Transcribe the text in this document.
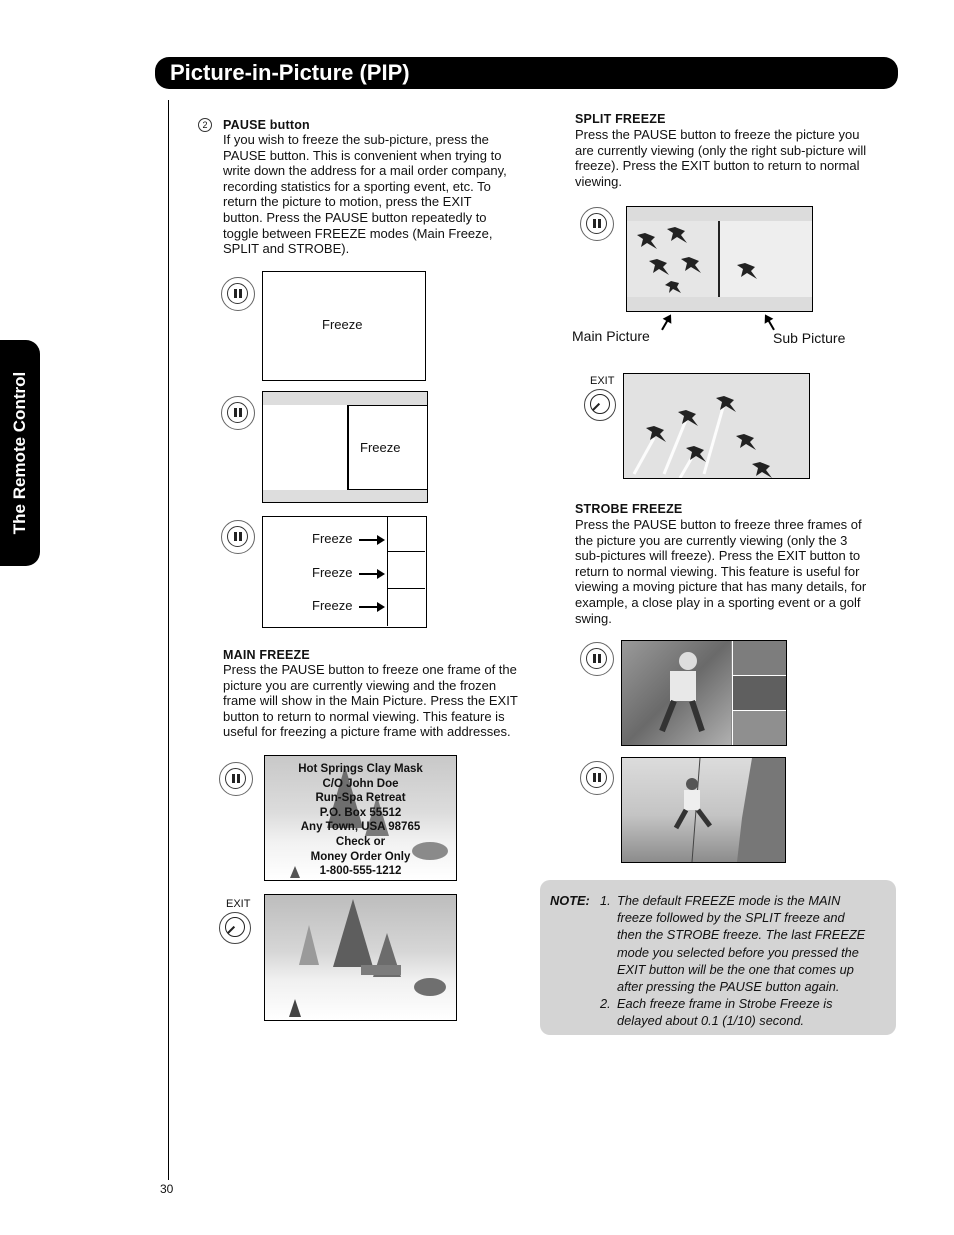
Picture-in-Picture (PIP)
The Remote Control
30
2	PAUSE button
If you wish to freeze the sub-picture, press the
PAUSE button. This is convenient when trying to
write down the address for a mail order company,
recording statistics for a sporting event, etc. To
return the picture to motion, press the EXIT
button. Press the PAUSE button repeatedly to
toggle between FREEZE modes (Main Freeze,
SPLIT and STROBE).
Freeze
Freeze
Freeze
Freeze
Freeze
MAIN FREEZE
Press the PAUSE button to freeze one frame of the
picture you are currently viewing and the frozen
frame will show in the Main Picture. Press the EXIT
button to return to normal viewing. This feature is
useful for freezing a picture frame with addresses.
Hot Springs Clay Mask
C/O John Doe
Run-Spa Retreat
P.O. Box 55512
Any Town, USA 98765
Check or
Money Order Only
1-800-555-1212
EXIT
SPLIT FREEZE
Press the PAUSE button to freeze the picture you
are currently viewing (only the right sub-picture will
freeze). Press the EXIT button to return to normal
viewing.
Main Picture	Sub Picture
EXIT
STROBE FREEZE
Press the PAUSE button to freeze three frames of
the picture you are currently viewing (only the 3
sub-pictures will freeze). Press the EXIT button to
return to normal viewing. This feature is useful for
viewing a moving picture that has many details, for
example, a close play in a sporting event or a golf
swing.
NOTE: 1. The default FREEZE mode is the MAIN
freeze followed by the SPLIT freeze and
then the STROBE freeze. The last FREEZE
mode you selected before you pressed the
EXIT button will be the one that comes up
after pressing the PAUSE button again.
2. Each freeze frame in Strobe Freeze is
delayed about 0.1 (1/10) second.
